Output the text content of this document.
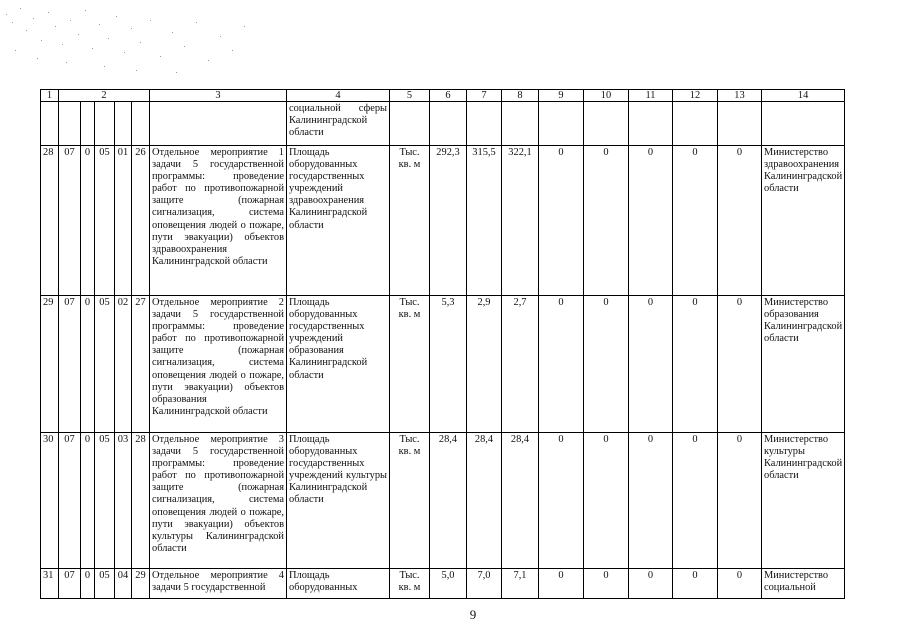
1	2					3	4	5	6	7	8	9	10	11	12	13	14
							социальной сферы Калининградской области										
28	07	0	05	01	26	Отдельное мероприятие 1 задачи 5 государственной программы: проведение работ по противопожарной защите (пожарная сигнализация, система оповещения людей о пожаре, пути эвакуации) объектов здравоохранения Калининградской области	Площадь оборудованных государственных учреждений здравоохранения Калининградской области	Тыс. кв. м	292,3	315,5	322,1	0	0	0	0	0	Министерство здравоохранения Калининградской области
29	07	0	05	02	27	Отдельное мероприятие 2 задачи 5 государственной программы: проведение работ по противопожарной защите (пожарная сигнализация, система оповещения людей о пожаре, пути эвакуации) объектов образования Калининградской области	Площадь оборудованных государственных учреждений образования Калининградской области	Тыс. кв. м	5,3	2,9	2,7	0	0	0	0	0	Министерство образования Калининградской области
30	07	0	05	03	28	Отдельное мероприятие 3 задачи 5 государственной программы: проведение работ по противопожарной защите (пожарная сигнализация, система оповещения людей о пожаре, пути эвакуации) объектов культуры Калининградской области	Площадь оборудованных государственных учреждений культуры Калининградской области	Тыс. кв. м	28,4	28,4	28,4	0	0	0	0	0	Министерство культуры Калининградской области
31	07	0	05	04	29	Отдельное мероприятие 4 задачи 5 государственной	Площадь оборудованных	Тыс. кв. м	5,0	7,0	7,1	0	0	0	0	0	Министерство социальной
9
